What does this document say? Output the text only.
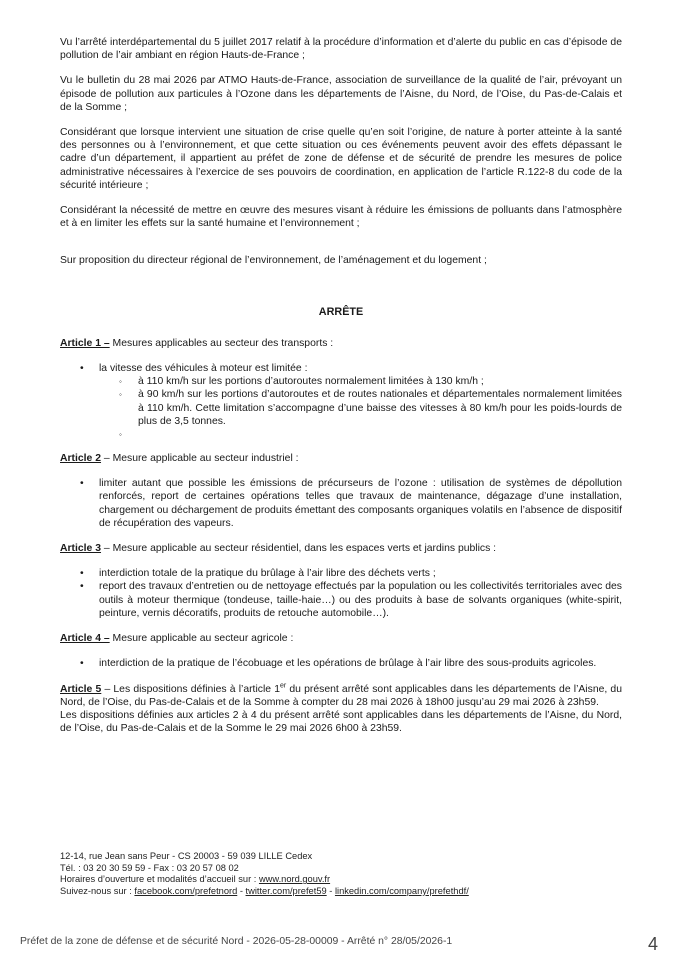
Vu l’arrêté interdépartemental du 5 juillet 2017 relatif à la procédure d’information et d’alerte du public en cas d’épisode de pollution de l’air ambiant en région Hauts-de-France ;

Vu le bulletin du 28 mai 2026 par ATMO Hauts-de-France, association de surveillance de la qualité de l’air, prévoyant un épisode de pollution aux particules à l’Ozone dans les départements de l’Aisne, du Nord, de l’Oise, du Pas-de-Calais et de la Somme ;

Considérant que lorsque intervient une situation de crise quelle qu’en soit l’origine, de nature à porter atteinte à la santé des personnes ou à l’environnement, et que cette situation ou ces événements peuvent avoir des effets dépassant le cadre d’un département, il appartient au préfet de zone de défense et de sécurité de prendre les mesures de police administrative nécessaires à l’exercice de ses pouvoirs de coordination, en application de l’article R.122-8 du code de la sécurité intérieure ;

Considérant la nécessité de mettre en œuvre des mesures visant à réduire les émissions de polluants dans l’atmosphère et à en limiter les effets sur la santé humaine et l’environnement ;

Sur proposition du directeur régional de l’environnement, de l’aménagement et du logement ;

ARRÊTE

Article 1 – Mesures applicables au secteur des transports :

• la vitesse des véhicules à moteur est limitée :
◦ à 110 km/h sur les portions d’autoroutes normalement limitées à 130 km/h ;
◦ à 90 km/h sur les portions d’autoroutes et de routes nationales et départementales normalement limitées à 110 km/h. Cette limitation s’accompagne d’une baisse des vitesses à 80 km/h pour les poids-lourds de plus de 3,5 tonnes.
◦

Article 2 – Mesure applicable au secteur industriel :

• limiter autant que possible les émissions de précurseurs de l’ozone : utilisation de systèmes de dépollution renforcés, report de certaines opérations telles que travaux de maintenance, dégazage d’une installation, chargement ou déchargement de produits émettant des composants organiques volatils en l’absence de dispositif de récupération des vapeurs.

Article 3 – Mesure applicable au secteur résidentiel, dans les espaces verts et jardins publics :

• interdiction totale de la pratique du brûlage à l’air libre des déchets verts ;
• report des travaux d’entretien ou de nettoyage effectués par la population ou les collectivités territoriales avec des outils à moteur thermique (tondeuse, taille-haie…) ou des produits à base de solvants organiques (white-spirit, peinture, vernis décoratifs, produits de retouche automobile…).

Article 4 – Mesure applicable au secteur agricole :

• interdiction de la pratique de l’écobuage et les opérations de brûlage à l’air libre des sous-produits agricoles.

Article 5 – Les dispositions définies à l’article 1er du présent arrêté sont applicables dans les départements de l’Aisne, du Nord, de l’Oise, du Pas-de-Calais et de la Somme à compter du 28 mai 2026 à 18h00 jusqu’au 29 mai 2026 à 23h59.

Les dispositions définies aux articles 2 à 4 du présent arrêté sont applicables dans les départements de l’Aisne, du Nord, de l’Oise, du Pas-de-Calais et de la Somme le 29 mai 2026 6h00 à 23h59.

12-14, rue Jean sans Peur - CS 20003 - 59 039 LILLE Cedex
Tél. : 03 20 30 59 59 - Fax : 03 20 57 08 02
Horaires d’ouverture et modalités d’accueil sur : www.nord.gouv.fr
Suivez-nous sur : facebook.com/prefetnord - twitter.com/prefet59 - linkedin.com/company/prefethdf/
Préfet de la zone de défense et de sécurité Nord - 2026-05-28-00009 - Arrêté n° 28/05/2026-1	4
